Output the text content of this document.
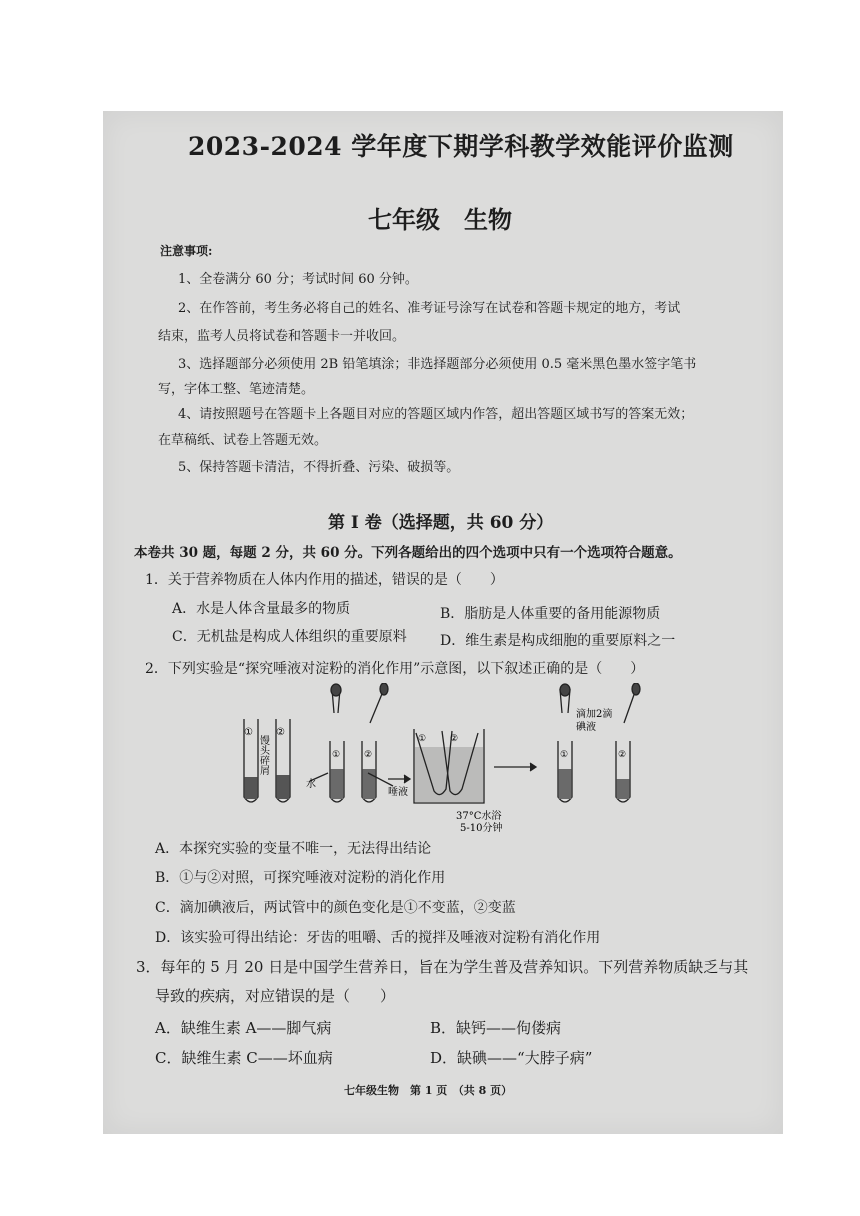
2023-2024 学年度下期学科教学效能评价监测
七年级　生物
注意事项:
1、全卷满分 60 分；考试时间 60 分钟。
2、在作答前，考生务必将自己的姓名、准考证号涂写在试卷和答题卡规定的地方，考试
结束，监考人员将试卷和答题卡一并收回。
3、选择题部分必须使用 2B 铅笔填涂；非选择题部分必须使用 0.5 毫米黑色墨水签字笔书
写，字体工整、笔迹清楚。
4、请按照题号在答题卡上各题目对应的答题区域内作答，超出答题区域书写的答案无效；
在草稿纸、试卷上答题无效。
5、保持答题卡清洁，不得折叠、污染、破损等。
第 I 卷（选择题，共 60 分）
本卷共 30 题，每题 2 分，共 60 分。下列各题给出的四个选项中只有一个选项符合题意。
1．关于营养物质在人体内作用的描述，错误的是（　　）
A．水是人体含量最多的物质	B．脂肪是人体重要的备用能源物质
C．无机盐是构成人体组织的重要原料 D．维生素是构成细胞的重要原料之一
2．下列实验是“探究唾液对淀粉的消化作用”示意图，以下叙述正确的是（　　）
① ②
①	②
①	②
①	②
馒头碎屑
水
唾液
37°C水浴
5-10分钟
滴加2滴
碘液
A．本探究实验的变量不唯一，无法得出结论
B．①与②对照，可探究唾液对淀粉的消化作用
C．滴加碘液后，两试管中的颜色变化是①不变蓝，②变蓝
D．该实验可得出结论：牙齿的咀嚼、舌的搅拌及唾液对淀粉有消化作用
3．每年的 5 月 20 日是中国学生营养日，旨在为学生普及营养知识。下列营养物质缺乏与其
导致的疾病，对应错误的是（　　）
A．缺维生素 A——脚气病	B．缺钙——佝偻病
C．缺维生素 C——坏血病	D．缺碘——“大脖子病”
七年级生物　第 1 页　（共 8 页）
